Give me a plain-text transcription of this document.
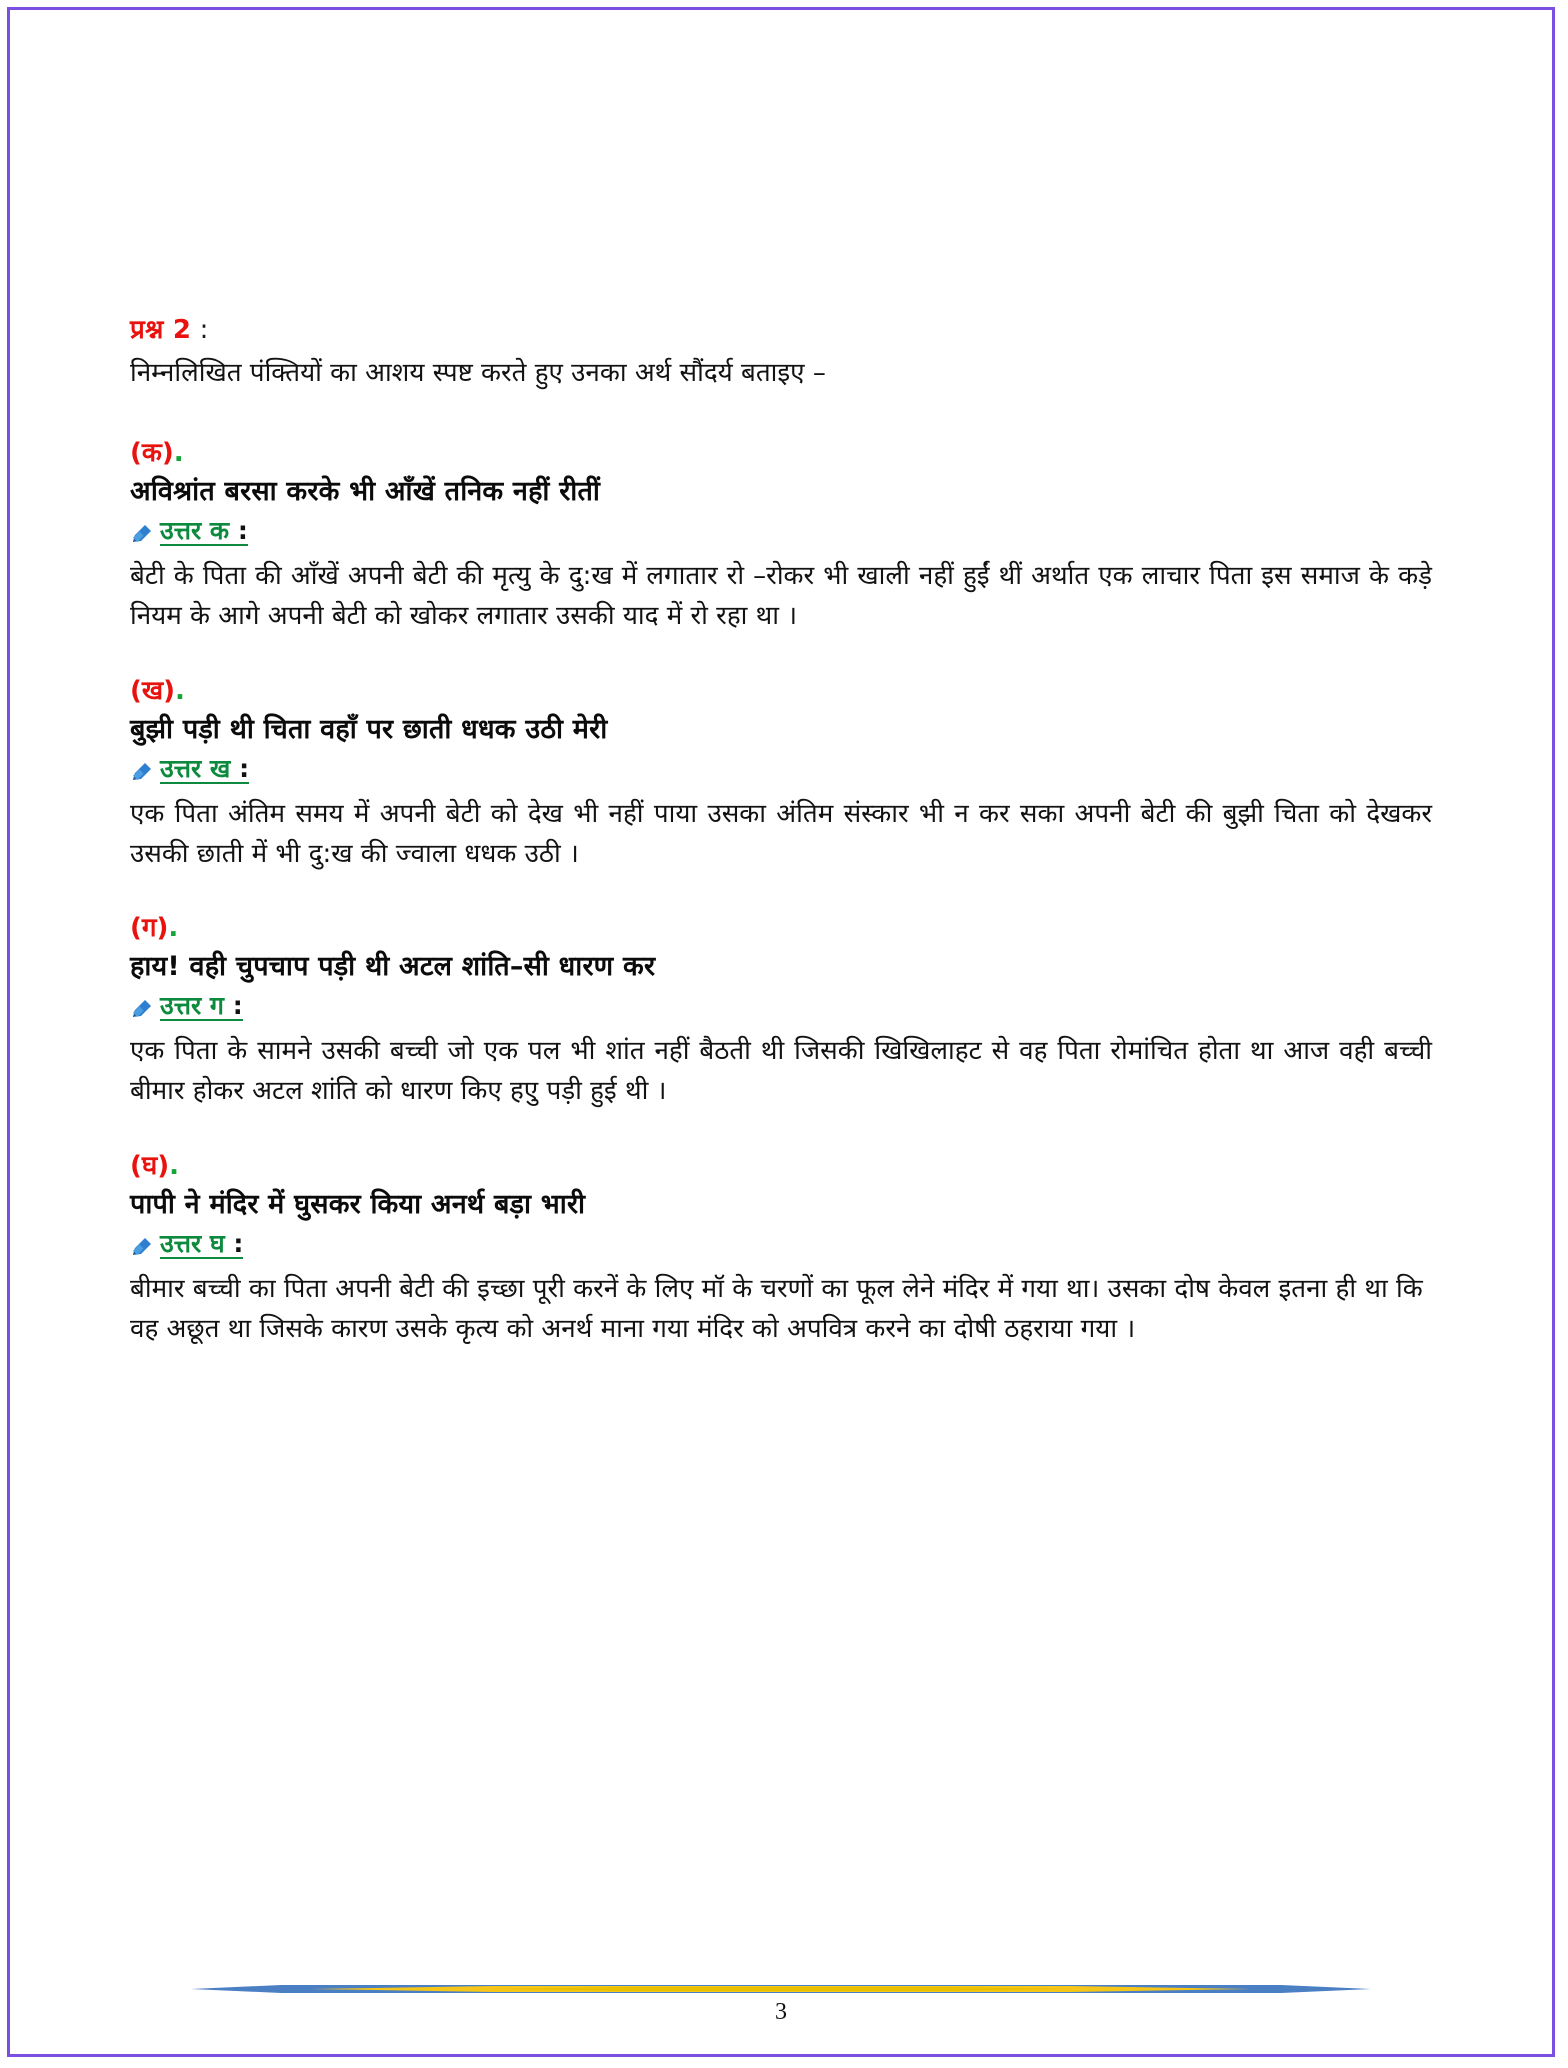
प्रश्न 2 :

निम्नलिखित पंक्तियों का आशय स्पष्ट करते हुए उनका अर्थ सौंदर्य बताइए –

(क).
अविश्रांत बरसा करके भी आँखें तनिक नहीं रीतीं
उत्तर क :

बेटी के पिता की ऑंखें अपनी बेटी की मृत्यु के दु:ख में लगातार रो –रोकर भी खाली नहीं हुईं थीं अर्थात एक लाचार पिता इस समाज के कड़े नियम के आगे अपनी बेटी को खोकर लगातार उसकी याद में रो रहा था ।

(ख).
बुझी पड़ी थी चिता वहाँ पर छाती धधक उठी मेरी
उत्तर ख :

एक पिता अंतिम समय में अपनी बेटी को देख भी नहीं पाया उसका अंतिम संस्कार भी न कर सका अपनी बेटी की बुझी चिता को देखकर उसकी छाती में भी दु:ख की ज्वाला धधक उठी ।

(ग).
हाय! वही चुपचाप पड़ी थी अटल शांति–सी धारण कर
उत्तर ग :

एक पिता के सामने उसकी बच्ची जो एक पल भी शांत नहीं बैठती थी जिसकी खिखिलाहट से वह पिता रोमांचित होता था आज वही बच्ची बीमार होकर अटल शांति को धारण किए हएु पड़ी हुई थी ।

(घ).
पापी ने मंदिर में घुसकर किया अनर्थ बड़ा भारी
उत्तर घ :

बीमार बच्ची का पिता अपनी बेटी की इच्छा पूरी करनें के लिए मॉ के चरणों का फूल लेने मंदिर में गया था। उसका दोष केवल इतना ही था कि वह अछूत था जिसके कारण उसके कृत्य को अनर्थ माना गया मंदिर को अपवित्र करने का दोषी ठहराया गया ।

3
